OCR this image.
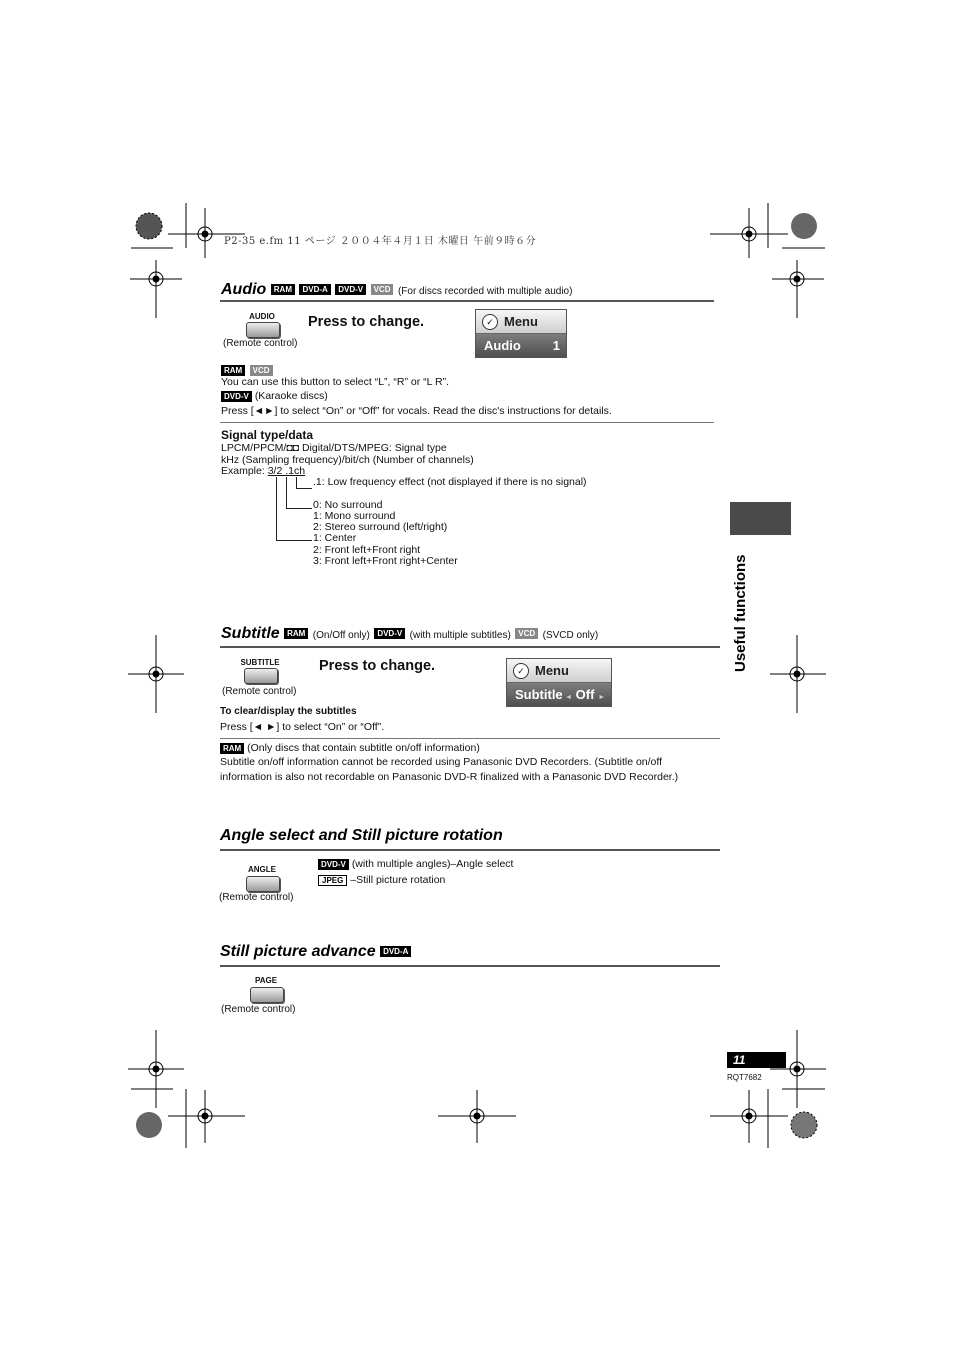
P2-35 e.fm 11 ページ ２００４年４月１日 木曜日 午前９時６分
Audio RAM DVD-A DVD-V VCD (For discs recorded with multiple audio)
AUDIO
(Remote control)
Press to change.	✓ Menu
Audio 1
RAM VCD
You can use this button to select “L”, “R” or “L R”.
DVD-V (Karaoke discs)
Press [◄►] to select “On” or “Off” for vocals. Read the disc's instructions for details.
Signal type/data
LPCM/PPCM/◘◘ Digital/DTS/MPEG: Signal type
kHz (Sampling frequency)/bit/ch (Number of channels)
Example: 3/2 .1ch
.1: Low frequency effect (not displayed if there is no signal)
0: No surround
1: Mono surround
2: Stereo surround (left/right)
1: Center
2: Front left+Front right
3: Front left+Front right+Center
Subtitle RAM (On/Off only) DVD-V (with multiple subtitles) VCD (SVCD only)
SUBTITLE
(Remote control)
Press to change.	✓ Menu
Subtitle ◄ Off ►
To clear/display the subtitles
Press [◄ ►] to select “On” or “Off”.
RAM (Only discs that contain subtitle on/off information)
Subtitle on/off information cannot be recorded using Panasonic DVD Recorders. (Subtitle on/off
information is also not recordable on Panasonic DVD-R finalized with a Panasonic DVD Recorder.)
Angle select and Still picture rotation
ANGLE
(Remote control)
DVD-V (with multiple angles)–Angle select
JPEG –Still picture rotation
Still picture advance DVD-A
PAGE
(Remote control)
Useful functions
11
RQT7682
